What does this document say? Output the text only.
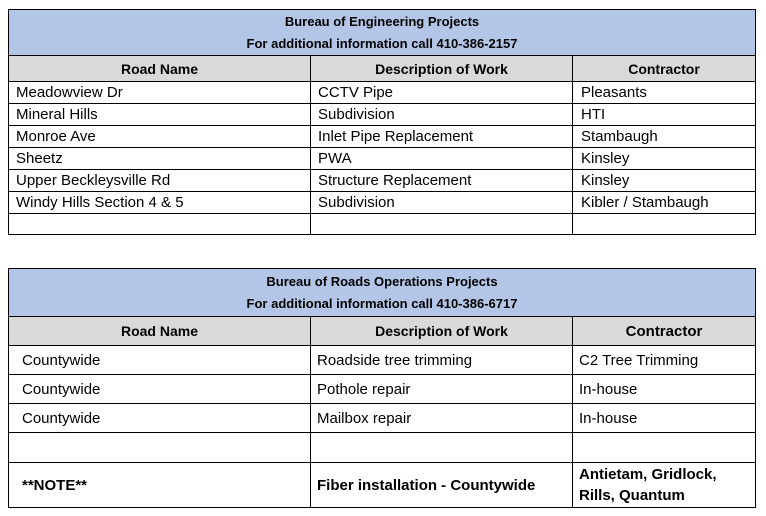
Bureau of Engineering Projects
For additional information call 410-386-2157		

Road Name	Description of Work	Contractor
Meadowview Dr	CCTV Pipe	Pleasants
Mineral Hills	Subdivision	HTI
Monroe Ave	Inlet Pipe Replacement	Stambaugh
Sheetz	PWA	Kinsley
Upper Beckleysville Rd	Structure Replacement	Kinsley
Windy Hills Section 4 & 5	Subdivision	Kibler / Stambaugh

Bureau of Roads Operations Projects
For additional information call 410-386-6717		

Road Name	Description of Work	Contractor
Countywide	Roadside tree trimming	C2 Tree Trimming
Countywide	Pothole repair	In-house
Countywide	Mailbox repair	In-house

**NOTE**	Fiber installation - Countywide	Antietam, Gridlock,
Rills, Quantum
